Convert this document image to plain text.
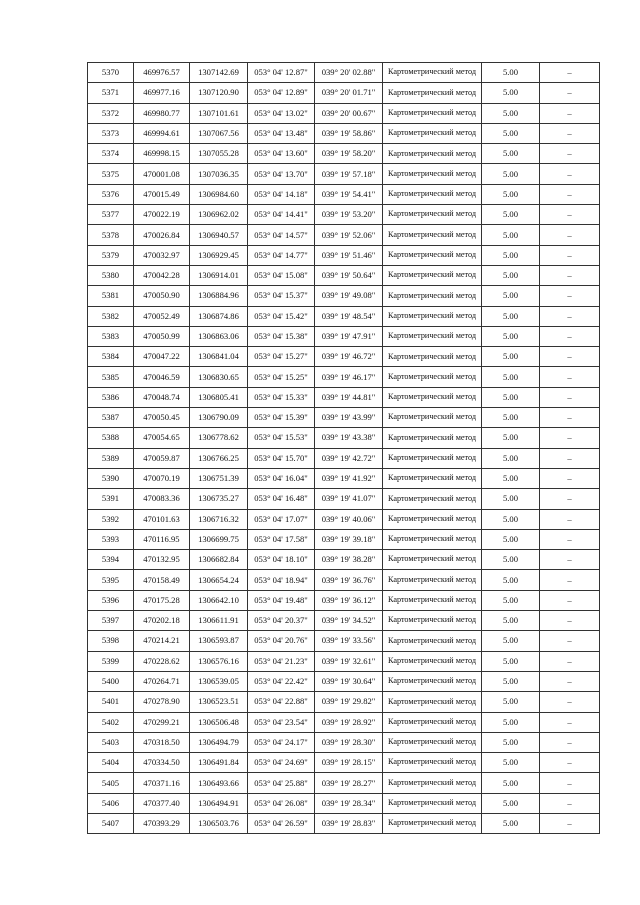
5370	469976.57	1307142.69	053° 04' 12.87"	039° 20' 02.88"	Картометрический метод	5.00	–
5371	469977.16	1307120.90	053° 04' 12.89"	039° 20' 01.71"	Картометрический метод	5.00	–
5372	469980.77	1307101.61	053° 04' 13.02"	039° 20' 00.67"	Картометрический метод	5.00	–
5373	469994.61	1307067.56	053° 04' 13.48"	039° 19' 58.86"	Картометрический метод	5.00	–
5374	469998.15	1307055.28	053° 04' 13.60"	039° 19' 58.20"	Картометрический метод	5.00	–
5375	470001.08	1307036.35	053° 04' 13.70"	039° 19' 57.18"	Картометрический метод	5.00	–
5376	470015.49	1306984.60	053° 04' 14.18"	039° 19' 54.41"	Картометрический метод	5.00	–
5377	470022.19	1306962.02	053° 04' 14.41"	039° 19' 53.20"	Картометрический метод	5.00	–
5378	470026.84	1306940.57	053° 04' 14.57"	039° 19' 52.06"	Картометрический метод	5.00	–
5379	470032.97	1306929.45	053° 04' 14.77"	039° 19' 51.46"	Картометрический метод	5.00	–
5380	470042.28	1306914.01	053° 04' 15.08"	039° 19' 50.64"	Картометрический метод	5.00	–
5381	470050.90	1306884.96	053° 04' 15.37"	039° 19' 49.08"	Картометрический метод	5.00	–
5382	470052.49	1306874.86	053° 04' 15.42"	039° 19' 48.54"	Картометрический метод	5.00	–
5383	470050.99	1306863.06	053° 04' 15.38"	039° 19' 47.91"	Картометрический метод	5.00	–
5384	470047.22	1306841.04	053° 04' 15.27"	039° 19' 46.72"	Картометрический метод	5.00	–
5385	470046.59	1306830.65	053° 04' 15.25"	039° 19' 46.17"	Картометрический метод	5.00	–
5386	470048.74	1306805.41	053° 04' 15.33"	039° 19' 44.81"	Картометрический метод	5.00	–
5387	470050.45	1306790.09	053° 04' 15.39"	039° 19' 43.99"	Картометрический метод	5.00	–
5388	470054.65	1306778.62	053° 04' 15.53"	039° 19' 43.38"	Картометрический метод	5.00	–
5389	470059.87	1306766.25	053° 04' 15.70"	039° 19' 42.72"	Картометрический метод	5.00	–
5390	470070.19	1306751.39	053° 04' 16.04"	039° 19' 41.92"	Картометрический метод	5.00	–
5391	470083.36	1306735.27	053° 04' 16.48"	039° 19' 41.07"	Картометрический метод	5.00	–
5392	470101.63	1306716.32	053° 04' 17.07"	039° 19' 40.06"	Картометрический метод	5.00	–
5393	470116.95	1306699.75	053° 04' 17.58"	039° 19' 39.18"	Картометрический метод	5.00	–
5394	470132.95	1306682.84	053° 04' 18.10"	039° 19' 38.28"	Картометрический метод	5.00	–
5395	470158.49	1306654.24	053° 04' 18.94"	039° 19' 36.76"	Картометрический метод	5.00	–
5396	470175.28	1306642.10	053° 04' 19.48"	039° 19' 36.12"	Картометрический метод	5.00	–
5397	470202.18	1306611.91	053° 04' 20.37"	039° 19' 34.52"	Картометрический метод	5.00	–
5398	470214.21	1306593.87	053° 04' 20.76"	039° 19' 33.56"	Картометрический метод	5.00	–
5399	470228.62	1306576.16	053° 04' 21.23"	039° 19' 32.61"	Картометрический метод	5.00	–
5400	470264.71	1306539.05	053° 04' 22.42"	039° 19' 30.64"	Картометрический метод	5.00	–
5401	470278.90	1306523.51	053° 04' 22.88"	039° 19' 29.82"	Картометрический метод	5.00	–
5402	470299.21	1306506.48	053° 04' 23.54"	039° 19' 28.92"	Картометрический метод	5.00	–
5403	470318.50	1306494.79	053° 04' 24.17"	039° 19' 28.30"	Картометрический метод	5.00	–
5404	470334.50	1306491.84	053° 04' 24.69"	039° 19' 28.15"	Картометрический метод	5.00	–
5405	470371.16	1306493.66	053° 04' 25.88"	039° 19' 28.27"	Картометрический метод	5.00	–
5406	470377.40	1306494.91	053° 04' 26.08"	039° 19' 28.34"	Картометрический метод	5.00	–
5407	470393.29	1306503.76	053° 04' 26.59"	039° 19' 28.83"	Картометрический метод	5.00	–
